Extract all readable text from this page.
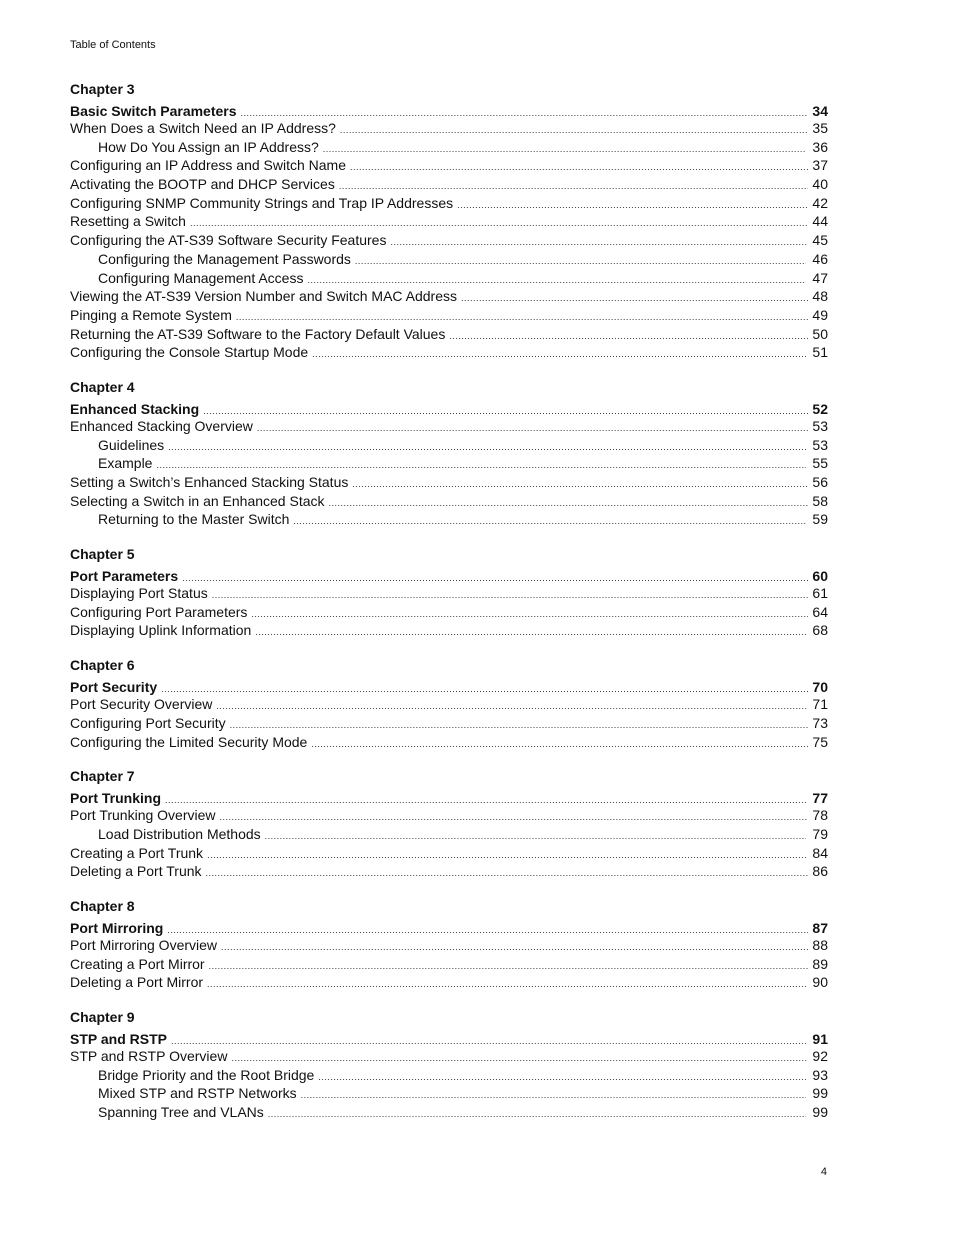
Table of Contents
Chapter 3
Basic Switch Parameters .....	34
When Does a Switch Need an IP Address? .....	35
How Do You Assign an IP Address? .....	36
Configuring an IP Address and Switch Name .....	37
Activating the BOOTP and DHCP Services .....	40
Configuring SNMP Community Strings and Trap IP Addresses .....	42
Resetting a Switch .....	44
Configuring the AT-S39 Software Security Features .....	45
Configuring the Management Passwords .....	46
Configuring Management Access .....	47
Viewing the AT-S39 Version Number and Switch MAC Address .....	48
Pinging a Remote System .....	49
Returning the AT-S39 Software to the Factory Default Values .....	50
Configuring the Console Startup Mode .....	51
Chapter 4
Enhanced Stacking .....	52
Enhanced Stacking Overview .....	53
Guidelines .....	53
Example .....	55
Setting a Switch’s Enhanced Stacking Status .....	56
Selecting a Switch in an Enhanced Stack .....	58
Returning to the Master Switch .....	59
Chapter 5
Port Parameters .....	60
Displaying Port Status .....	61
Configuring Port Parameters .....	64
Displaying Uplink Information .....	68
Chapter 6
Port Security .....	70
Port Security Overview .....	71
Configuring Port Security .....	73
Configuring the Limited Security Mode .....	75
Chapter 7
Port Trunking .....	77
Port Trunking Overview .....	78
Load Distribution Methods .....	79
Creating a Port Trunk .....	84
Deleting a Port Trunk .....	86
Chapter 8
Port Mirroring .....	87
Port Mirroring Overview .....	88
Creating a Port Mirror .....	89
Deleting a Port Mirror .....	90
Chapter 9
STP and RSTP .....	91
STP and RSTP Overview .....	92
Bridge Priority and the Root Bridge .....	93
Mixed STP and RSTP Networks .....	99
Spanning Tree and VLANs .....	99
4
